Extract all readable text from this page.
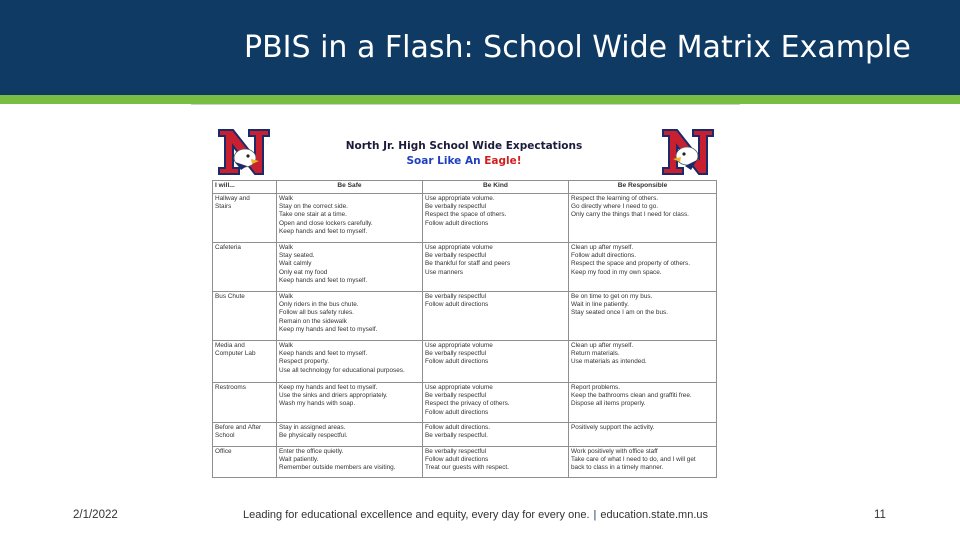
PBIS in a Flash: School Wide Matrix Example
North Jr. High School Wide Expectations
Soar Like An Eagle!
I will...	Be Safe	Be Kind	Be Responsible

Hallway and
Stairs	Walk
Stay on the correct side.
Take one stair at a time.
Open and close lockers carefully.
Keep hands and feet to myself.	Use appropriate volume.
Be verbally respectful
Respect the space of others.
Follow adult directions	Respect the learning of others.
Go directly where I need to go.
Only carry the things that I need for class.

Cafeteria	Walk
Stay seated.
Wait calmly
Only eat my food
Keep hands and feet to myself.	Use appropriate volume
Be verbally respectful
Be thankful for staff and peers
Use manners	Clean up after myself.
Follow adult directions.
Respect the space and property of others.
Keep my food in my own space.

Bus Chute	Walk
Only riders in the bus chute.
Follow all bus safety rules.
Remain on the sidewalk
Keep my hands and feet to myself.	Be verbally respectful
Follow adult directions	Be on time to get on my bus.
Wait in line patiently.
Stay seated once I am on the bus.

Media and
Computer Lab	Walk
Keep hands and feet to myself.
Respect property.
Use all technology for educational purposes.	Use appropriate volume
Be verbally respectful
Follow adult directions	Clean up after myself.
Return materials.
Use materials as intended.

Restrooms	Keep my hands and feet to myself.
Use the sinks and driers appropriately.
Wash my hands with soap.	Use appropriate volume
Be verbally respectful
Respect the privacy of others.
Follow adult directions	Report problems.
Keep the bathrooms clean and graffiti free.
Dispose all items properly.

Before and After
School	Stay in assigned areas.
Be physically respectful.	Follow adult directions.
Be verbally respectful.	Positively support the activity.

Office	Enter the office quietly.
Wait patiently.
Remember outside members are visiting.	Be verbally respectful
Follow adult directions
Treat our guests with respect.	Work positively with office staff
Take care of what I need to do, and I will get
back to class in a timely manner.
2/1/2022	Leading for educational excellence and equity, every day for every one. | education.state.mn.us	11
